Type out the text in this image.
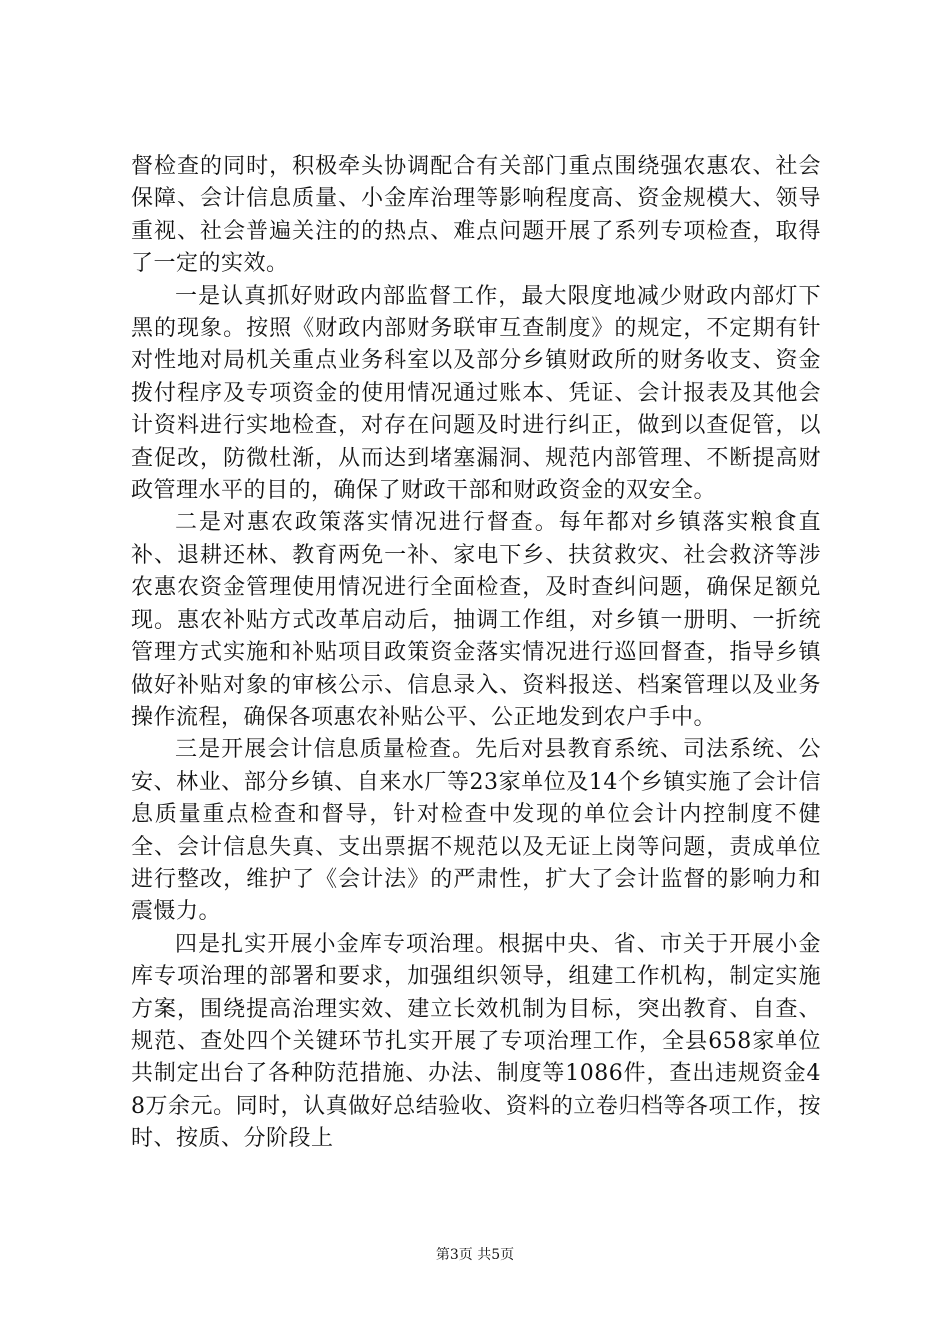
督检查的同时，积极牵头协调配合有关部门重点围绕强农惠农、社会保障、会计信息质量、小金库治理等影响程度高、资金规模大、领导重视、社会普遍关注的的热点、难点问题开展了系列专项检查，取得了一定的实效。

一是认真抓好财政内部监督工作，最大限度地减少财政内部灯下黑的现象。按照《财政内部财务联审互查制度》的规定，不定期有针对性地对局机关重点业务科室以及部分乡镇财政所的财务收支、资金拨付程序及专项资金的使用情况通过账本、凭证、会计报表及其他会计资料进行实地检查，对存在问题及时进行纠正，做到以查促管，以查促改，防微杜渐，从而达到堵塞漏洞、规范内部管理、不断提高财政管理水平的目的，确保了财政干部和财政资金的双安全。

二是对惠农政策落实情况进行督查。每年都对乡镇落实粮食直补、退耕还林、教育两免一补、家电下乡、扶贫救灾、社会救济等涉农惠农资金管理使用情况进行全面检查，及时查纠问题，确保足额兑现。惠农补贴方式改革启动后，抽调工作组，对乡镇一册明、一折统管理方式实施和补贴项目政策资金落实情况进行巡回督查，指导乡镇做好补贴对象的审核公示、信息录入、资料报送、档案管理以及业务操作流程，确保各项惠农补贴公平、公正地发到农户手中。

三是开展会计信息质量检查。先后对县教育系统、司法系统、公安、林业、部分乡镇、自来水厂等23家单位及14个乡镇实施了会计信息质量重点检查和督导，针对检查中发现的单位会计内控制度不健全、会计信息失真、支出票据不规范以及无证上岗等问题，责成单位进行整改，维护了《会计法》的严肃性，扩大了会计监督的影响力和震慑力。

四是扎实开展小金库专项治理。根据中央、省、市关于开展小金库专项治理的部署和要求，加强组织领导，组建工作机构，制定实施方案，围绕提高治理实效、建立长效机制为目标，突出教育、自查、规范、查处四个关键环节扎实开展了专项治理工作，全县658家单位共制定出台了各种防范措施、办法、制度等1086件，查出违规资金48万余元。同时，认真做好总结验收、资料的立卷归档等各项工作，按时、按质、分阶段上

第3页 共5页
